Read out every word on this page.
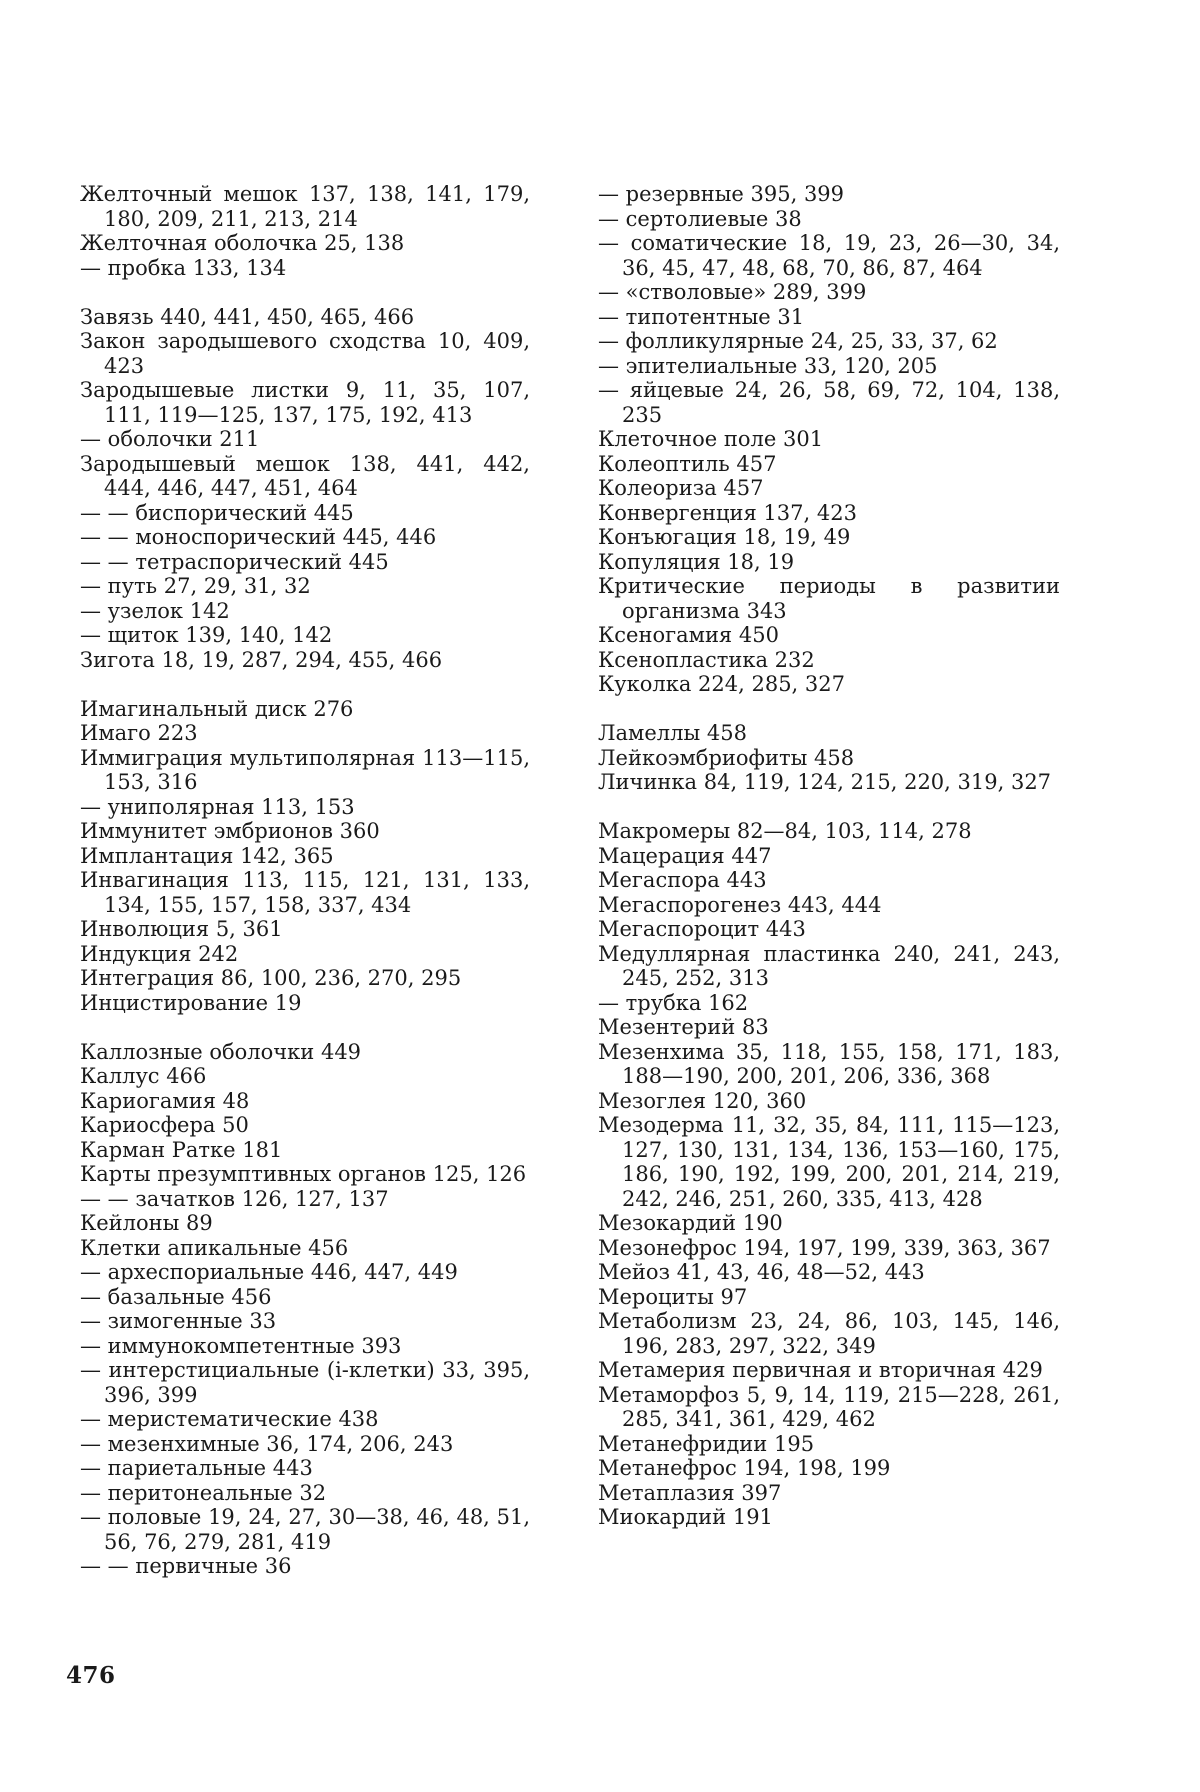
Желточный мешок 137, 138, 141, 179, 180, 209, 211, 213, 214
Желточная оболочка 25, 138
— пробка 133, 134
Завязь 440, 441, 450, 465, 466
Закон зародышевого сходства 10, 409, 423
Зародышевые листки 9, 11, 35, 107, 111, 119—125, 137, 175, 192, 413
— оболочки 211
Зародышевый мешок 138, 441, 442, 444, 446, 447, 451, 464
— — биспорический 445
— — моноспорический 445, 446
— — тетраспорический 445
— путь 27, 29, 31, 32
— узелок 142
— щиток 139, 140, 142
Зигота 18, 19, 287, 294, 455, 466
Имагинальный диск 276
Имаго 223
Иммиграция мультиполярная 113—115, 153, 316
— униполярная 113, 153
Иммунитет эмбрионов 360
Имплантация 142, 365
Инвагинация 113, 115, 121, 131, 133, 134, 155, 157, 158, 337, 434
Инволюция 5, 361
Индукция 242
Интеграция 86, 100, 236, 270, 295
Инцистирование 19
Каллозные оболочки 449
Каллус 466
Кариогамия 48
Кариосфера 50
Карман Ратке 181
Карты презумптивных органов 125, 126
— — зачатков 126, 127, 137
Кейлоны 89
Клетки апикальные 456
— археспориальные 446, 447, 449
— базальные 456
— зимогенные 33
— иммунокомпетентные 393
— интерстициальные (i-клетки) 33, 395, 396, 399
— меристематические 438
— мезенхимные 36, 174, 206, 243
— париетальные 443
— перитонеальные 32
— половые 19, 24, 27, 30—38, 46, 48, 51, 56, 76, 279, 281, 419
— — первичные 36
— резервные 395, 399
— сертолиевые 38
— соматические 18, 19, 23, 26—30, 34, 36, 45, 47, 48, 68, 70, 86, 87, 464
— «стволовые» 289, 399
— типотентные 31
— фолликулярные 24, 25, 33, 37, 62
— эпителиальные 33, 120, 205
— яйцевые 24, 26, 58, 69, 72, 104, 138, 235
Клеточное поле 301
Колеоптиль 457
Колеориза 457
Конвергенция 137, 423
Конъюгация 18, 19, 49
Копуляция 18, 19
Критические периоды в развитии организма 343
Ксеногамия 450
Ксенопластика 232
Куколка 224, 285, 327
Ламеллы 458
Лейкоэмбриофиты 458
Личинка 84, 119, 124, 215, 220, 319, 327
Макромеры 82—84, 103, 114, 278
Мацерация 447
Мегаспора 443
Мегаспорогенез 443, 444
Мегаспороцит 443
Медуллярная пластинка 240, 241, 243, 245, 252, 313
— трубка 162
Мезентерий 83
Мезенхима 35, 118, 155, 158, 171, 183, 188—190, 200, 201, 206, 336, 368
Мезоглея 120, 360
Мезодерма 11, 32, 35, 84, 111, 115—123, 127, 130, 131, 134, 136, 153—160, 175, 186, 190, 192, 199, 200, 201, 214, 219, 242, 246, 251, 260, 335, 413, 428
Мезокардий 190
Мезонефрос 194, 197, 199, 339, 363, 367
Мейоз 41, 43, 46, 48—52, 443
Мероциты 97
Метаболизм 23, 24, 86, 103, 145, 146, 196, 283, 297, 322, 349
Метамерия первичная и вторичная 429
Метаморфоз 5, 9, 14, 119, 215—228, 261, 285, 341, 361, 429, 462
Метанефридии 195
Метанефрос 194, 198, 199
Метаплазия 397
Миокардий 191
476
